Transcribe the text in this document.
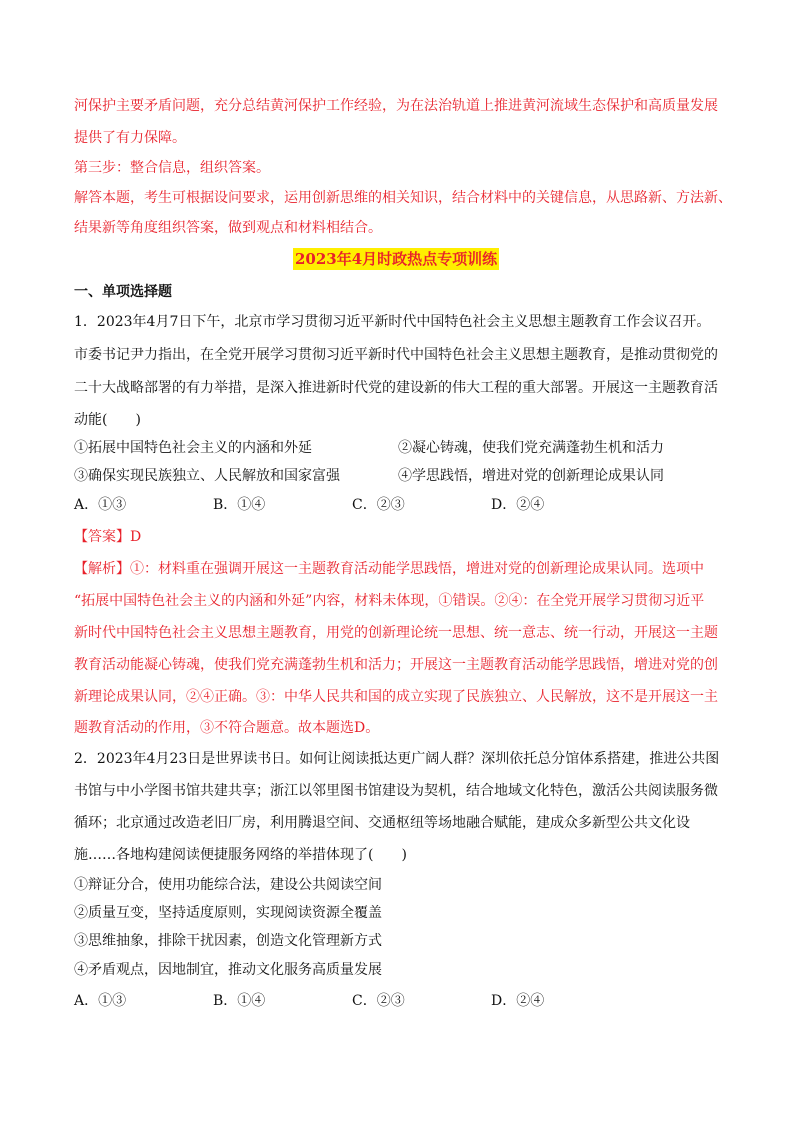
河保护主要矛盾问题，充分总结黄河保护工作经验，为在法治轨道上推进黄河流域生态保护和高质量发展
提供了有力保障。
第三步：整合信息，组织答案。
解答本题，考生可根据设问要求，运用创新思维的相关知识，结合材料中的关键信息，从思路新、方法新、
结果新等角度组织答案，做到观点和材料相结合。
2023年4月时政热点专项训练
一、单项选择题
1．2023年4月7日下午，北京市学习贯彻习近平新时代中国特色社会主义思想主题教育工作会议召开。
市委书记尹力指出，在全党开展学习贯彻习近平新时代中国特色社会主义思想主题教育，是推动贯彻党的
二十大战略部署的有力举措，是深入推进新时代党的建设新的伟大工程的重大部署。开展这一主题教育活
动能(　　)
①拓展中国特色社会主义的内涵和外延	②凝心铸魂，使我们党充满蓬勃生机和活力
③确保实现民族独立、人民解放和国家富强	④学思践悟，增进对党的创新理论成果认同
A．①③	B．①④	C．②③	D．②④
【答案】D
【解析】①：材料重在强调开展这一主题教育活动能学思践悟，增进对党的创新理论成果认同。选项中
“拓展中国特色社会主义的内涵和外延”内容，材料未体现，①错误。②④：在全党开展学习贯彻习近平
新时代中国特色社会主义思想主题教育，用党的创新理论统一思想、统一意志、统一行动，开展这一主题
教育活动能凝心铸魂，使我们党充满蓬勃生机和活力；开展这一主题教育活动能学思践悟，增进对党的创
新理论成果认同，②④正确。③：中华人民共和国的成立实现了民族独立、人民解放，这不是开展这一主
题教育活动的作用，③不符合题意。故本题选D。
2．2023年4月23日是世界读书日。如何让阅读抵达更广阔人群？深圳依托总分馆体系搭建，推进公共图
书馆与中小学图书馆共建共享；浙江以邻里图书馆建设为契机，结合地域文化特色，激活公共阅读服务微
循环；北京通过改造老旧厂房，利用腾退空间、交通枢纽等场地融合赋能，建成众多新型公共文化设
施……各地构建阅读便捷服务网络的举措体现了(　　)
①辩证分合，使用功能综合法，建设公共阅读空间
②质量互变，坚持适度原则，实现阅读资源全覆盖
③思维抽象，排除干扰因素，创造文化管理新方式
④矛盾观点，因地制宜，推动文化服务高质量发展
A．①③	B．①④	C．②③	D．②④
